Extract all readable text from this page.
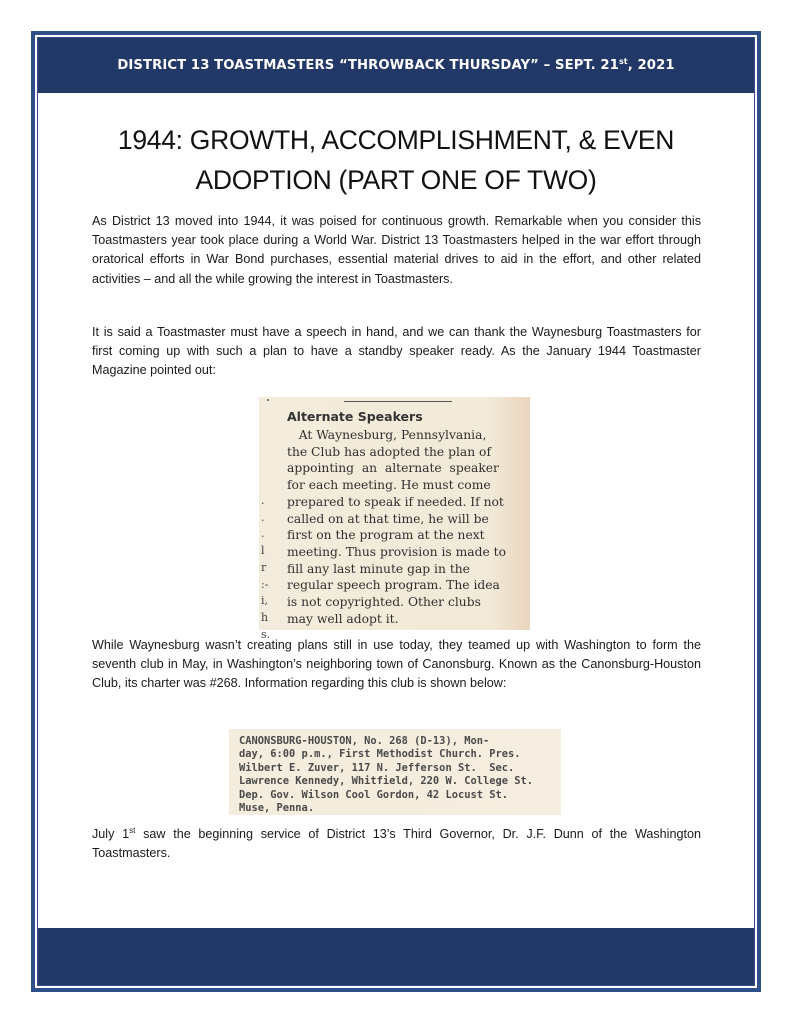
DISTRICT 13 TOASTMASTERS “THROWBACK THURSDAY” – SEPT. 21st, 2021
1944: GROWTH, ACCOMPLISHMENT, & EVEN
ADOPTION (PART ONE OF TWO)

As District 13 moved into 1944, it was poised for continuous growth. Remarkable when you consider this Toastmasters year took place during a World War. District 13 Toastmasters helped in the war effort through oratorical efforts in War Bond purchases, essential material drives to aid in the effort, and other related activities – and all the while growing the interest in Toastmasters.

It is said a Toastmaster must have a speech in hand, and we can thank the Waynesburg Toastmasters for first coming up with such a plan to have a standby speaker ready. As the January 1944 Toastmaster Magazine pointed out:

Alternate Speakers
At Waynesburg, Pennsylvania,
the Club has adopted the plan of
appointing  an  alternate  speaker
for each meeting. He must come
prepared to speak if needed. If not
called on at that time, he will be
first on the program at the next
meeting. Thus provision is made to
fill any last minute gap in the
regular speech program. The idea
is not copyrighted. Other clubs
may well adopt it.
.
.
.
l
r
:-
i,
h
s.

While Waynesburg wasn’t creating plans still in use today, they teamed up with Washington to form the seventh club in May, in Washington’s neighboring town of Canonsburg. Known as the Canonsburg-Houston Club, its charter was #268. Information regarding this club is shown below:

CANONSBURG-HOUSTON, No. 268 (D-13), Mon-
day, 6:00 p.m., First Methodist Church. Pres.
Wilbert E. Zuver, 117 N. Jefferson St.  Sec.
Lawrence Kennedy, Whitfield, 220 W. College St.
Dep. Gov. Wilson Cool Gordon, 42 Locust St.
Muse, Penna.

July 1st saw the beginning service of District 13’s Third Governor, Dr. J.F. Dunn of the Washington Toastmasters.
